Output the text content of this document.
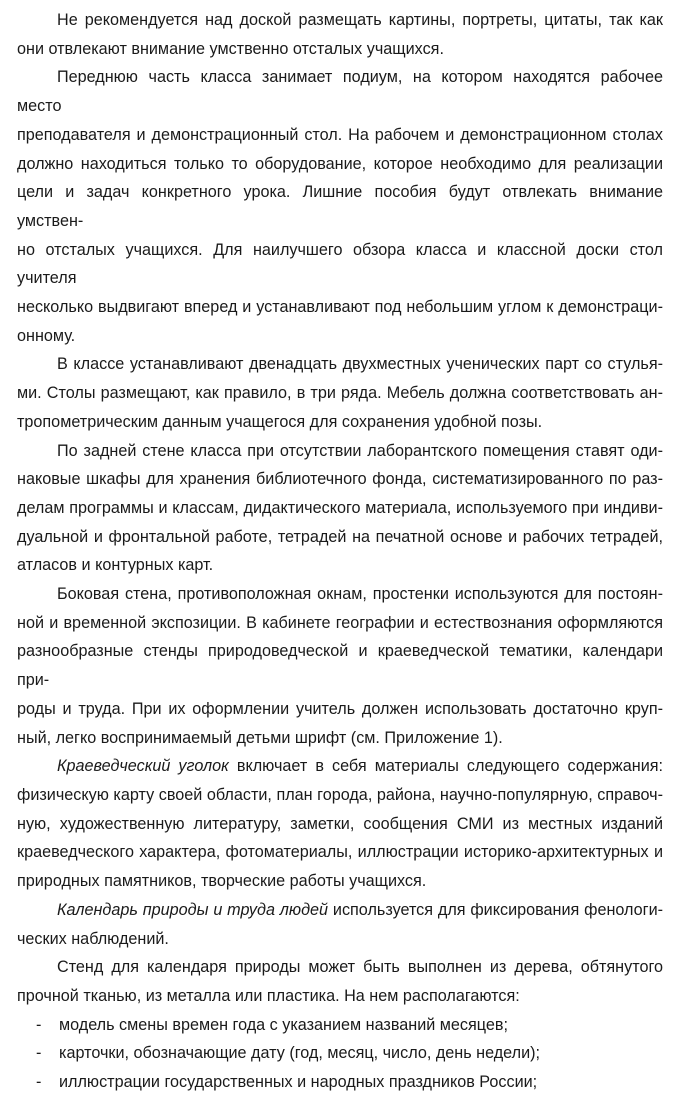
Не рекомендуется над доской размещать картины, портреты, цитаты, так как
они отвлекают внимание умственно отсталых учащихся.

Переднюю часть класса занимает подиум, на котором находятся рабочее место
преподавателя и демонстрационный стол. На рабочем и демонстрационном столах
должно находиться только то оборудование, которое необходимо для реализации
цели и задач конкретного урока. Лишние пособия будут отвлекать внимание умствен-
но отсталых учащихся. Для наилучшего обзора класса и классной доски стол учителя
несколько выдвигают вперед и устанавливают под небольшим углом к демонстраци-
онному.

В классе устанавливают двенадцать двухместных ученических парт со стулья-
ми. Столы размещают, как правило, в три ряда. Мебель должна соответствовать ан-
тропометрическим данным учащегося для сохранения удобной позы.

По задней стене класса при отсутствии лаборантского помещения ставят оди-
наковые шкафы для хранения библиотечного фонда, систематизированного по раз-
делам программы и классам, дидактического материала, используемого при индиви-
дуальной и фронтальной работе, тетрадей на печатной основе и рабочих тетрадей,
атласов и контурных карт.

Боковая стена, противоположная окнам, простенки используются для постоян-
ной и временной экспозиции. В кабинете географии и естествознания оформляются
разнообразные стенды природоведческой и краеведческой тематики, календари при-
роды и труда. При их оформлении учитель должен использовать достаточно круп-
ный, легко воспринимаемый детьми шрифт (см. Приложение 1).

Краеведческий уголок включает в себя материалы следующего содержания:
физическую карту своей области, план города, района, научно-популярную, справоч-
ную, художественную литературу, заметки, сообщения СМИ из местных изданий
краеведческого характера, фотоматериалы, иллюстрации историко-архитектурных и
природных памятников, творческие работы учащихся.

Календарь природы и труда людей используется для фиксирования фенологи-
ческих наблюдений.

Стенд для календаря природы может быть выполнен из дерева, обтянутого
прочной тканью, из металла или пластика. На нем располагаются:

- модель смены времен года с указанием названий месяцев;
- карточки, обозначающие дату (год, месяц, число, день недели);
- иллюстрации государственных и народных праздников России;
